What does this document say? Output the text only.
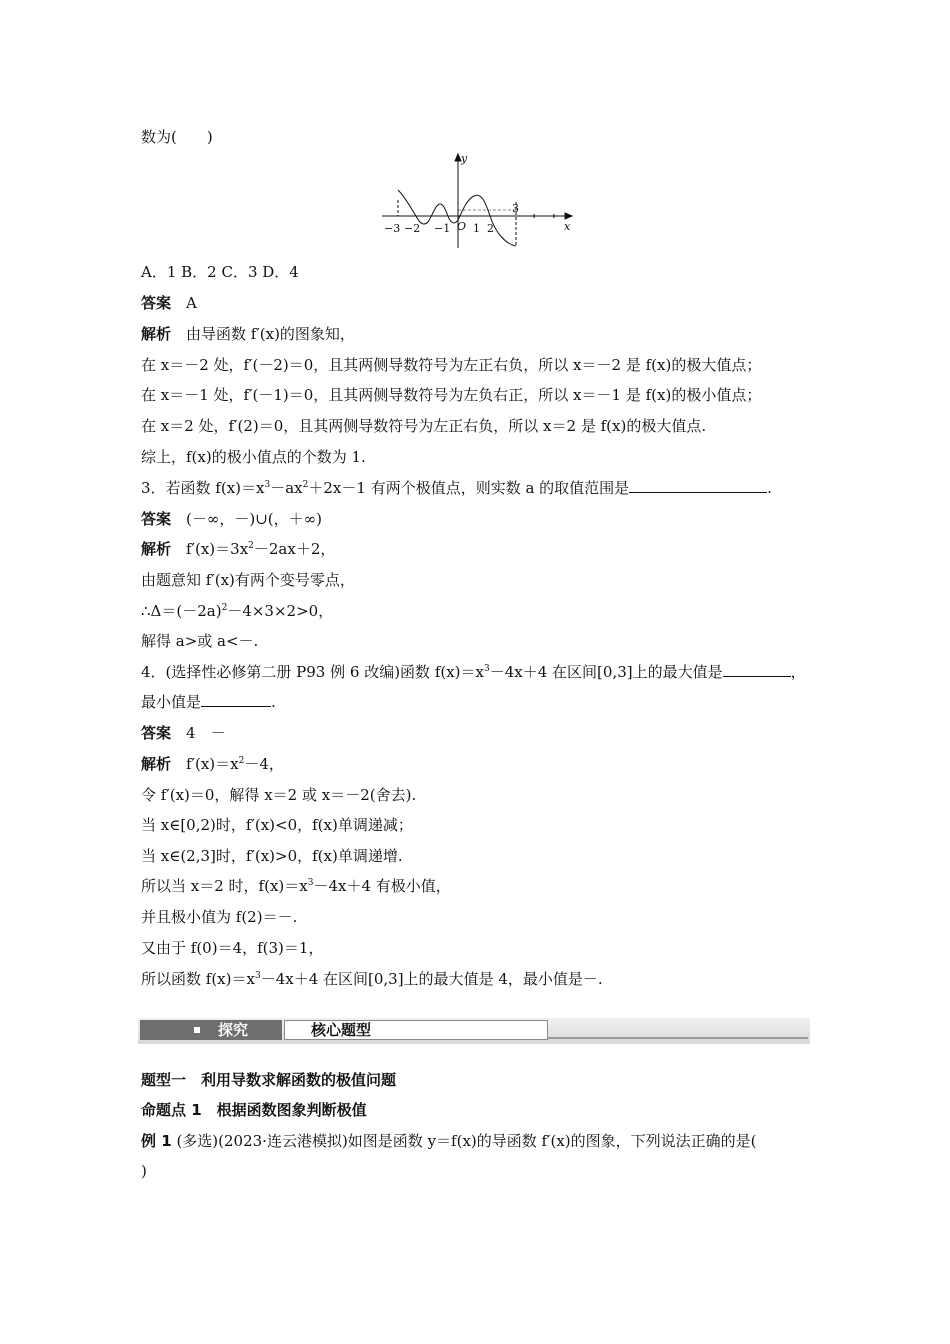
数为(　　)
y
x
−3 −2 −1 O 1 2
3
A．1 B．2 C．3 D．4
答案　 A
解析　 由导函数 f′(x)的图象知，
在 x＝－2 处，f′(－2)＝0，且其两侧导数符号为左正右负，所以 x＝－2 是 f(x)的极大值点；
在 x＝－1 处，f′(－1)＝0，且其两侧导数符号为左负右正，所以 x＝－1 是 f(x)的极小值点；
在 x＝2 处，f′(2)＝0，且其两侧导数符号为左正右负，所以 x＝2 是 f(x)的极大值点.
综上，f(x)的极小值点的个数为 1.
3．若函数 $f(x)=x^3-ax^2+2x-1$ 有两个极值点，则实数 a 的取值范围是	.
答案　 (－∞，－)∪(，＋∞)
解析　 $f'(x)=3x^2-2ax+2$，
由题意知 f′(x)有两个变号零点，
$\therefore\Delta=(-2a)^2-4\times 3\times 2>0$，
解得 a>或 a<－.
4．(选择性必修第二册 P93 例 6 改编)函数 $f(x)=x^3-4x+4$ 在区间[0,3]上的最大值是	，
最小值是	.
答案　 4　－
解析　 $f'(x)=x^2-4$，
令 f′(x)＝0，解得 x＝2 或 x＝－2(舍去).
当 x∈[0,2)时，f′(x)<0，f(x)单调递减；
当 x∈(2,3]时，f′(x)>0，f(x)单调递增.
所以当 x＝2 时，$f(x)=x^3-4x+4$ 有极小值，
并且极小值为 f(2)＝－.
又由于 f(0)＝4，f(3)＝1，
所以函数 $f(x)=x^3-4x+4$ 在区间[0,3]上的最大值是 4，最小值是－.
探究	核心题型
题型一　利用导数求解函数的极值问题
命题点 1　根据函数图象判断极值
例 1 (多选)(2023·连云港模拟)如图是函数 y＝f(x)的导函数 f′(x)的图象，下列说法正确的是(
)
